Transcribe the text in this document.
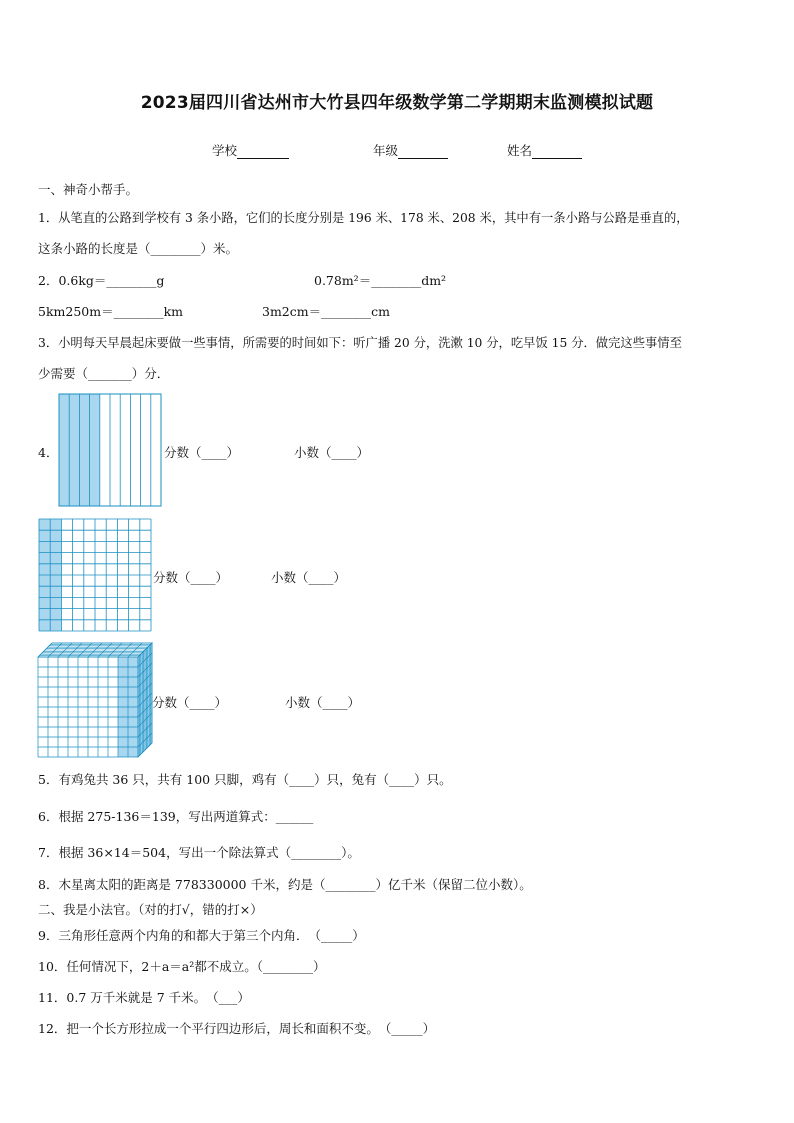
2023届四川省达州市大竹县四年级数学第二学期期末监测模拟试题
学校	年级	姓名
一、神奇小帮手。
1．从笔直的公路到学校有 3 条小路，它们的长度分别是 196 米、178 米、208 米，其中有一条小路与公路是垂直的，
这条小路的长度是（________）米。
2．0.6kg＝________g	0.78m²＝________dm²
5km250m＝________km	3m2cm＝________cm
3．小明每天早晨起床要做一些事情，所需要的时间如下：听广播 20 分，洗漱 10 分，吃早饭 15 分．做完这些事情至
少需要（_______）分．
4．	分数（____）	小数（____）
分数（____）	小数（____）
分数（____）	小数（____）
5．有鸡兔共 36 只，共有 100 只脚，鸡有（____）只，兔有（____）只。
6．根据 275-136＝139，写出两道算式：______
7．根据 36×14＝504，写出一个除法算式（________）。
8．木星离太阳的距离是 778330000 千米，约是（________）亿千米（保留二位小数）。
二、我是小法官。（对的打√，错的打×）
9．三角形任意两个内角的和都大于第三个内角．　（_____）
10．任何情况下，2＋a＝a²都不成立。（________）
11．0.7 万千米就是 7 千米。　（___）
12．把一个长方形拉成一个平行四边形后，周长和面积不变。　（_____）
